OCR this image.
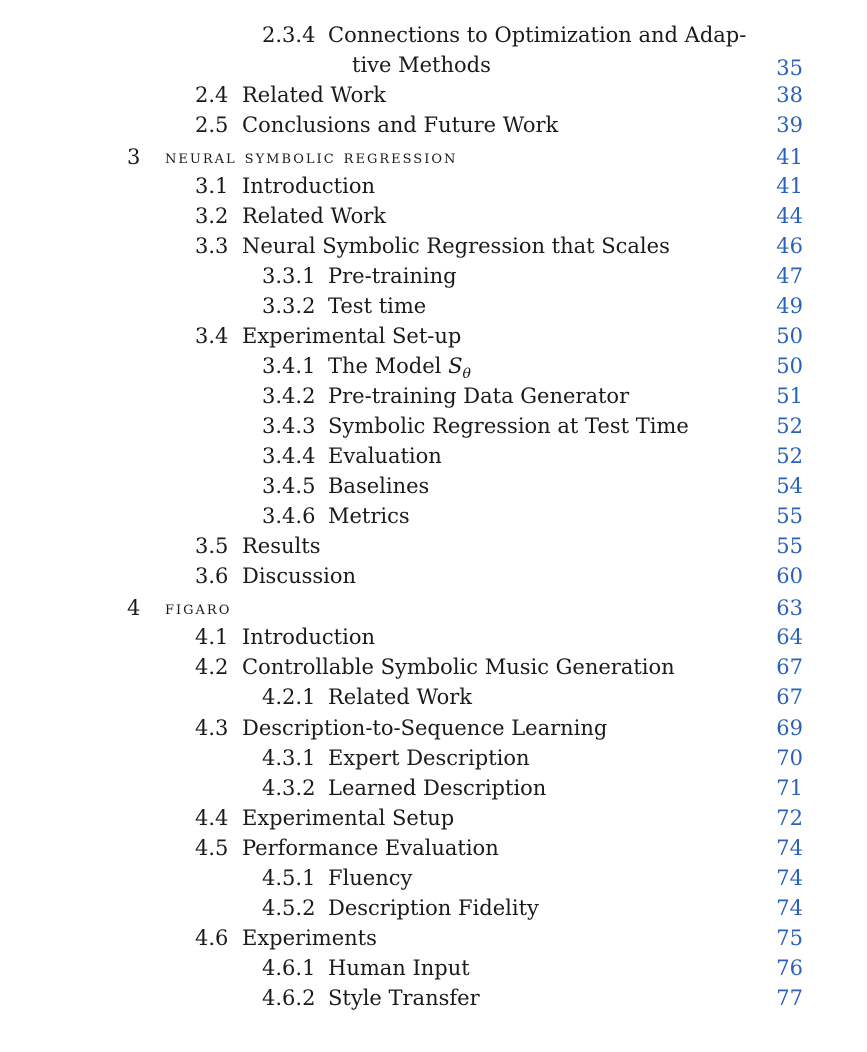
2.3.4 Connections to Optimization and Adap-
tive Methods	35
2.4 Related Work	38
2.5 Conclusions and Future Work	39
3 neural symbolic regression	41
3.1 Introduction	41
3.2 Related Work	44
3.3 Neural Symbolic Regression that Scales	46
3.3.1 Pre-training	47
3.3.2 Test time	49
3.4 Experimental Set-up	50
3.4.1 The Model $S_\theta$	50
3.4.2 Pre-training Data Generator	51
3.4.3 Symbolic Regression at Test Time	52
3.4.4 Evaluation	52
3.4.5 Baselines	54
3.4.6 Metrics	55
3.5 Results	55
3.6 Discussion	60
4 figaro	63
4.1 Introduction	64
4.2 Controllable Symbolic Music Generation	67
4.2.1 Related Work	67
4.3 Description-to-Sequence Learning	69
4.3.1 Expert Description	70
4.3.2 Learned Description	71
4.4 Experimental Setup	72
4.5 Performance Evaluation	74
4.5.1 Fluency	74
4.5.2 Description Fidelity	74
4.6 Experiments	75
4.6.1 Human Input	76
4.6.2 Style Transfer	77
